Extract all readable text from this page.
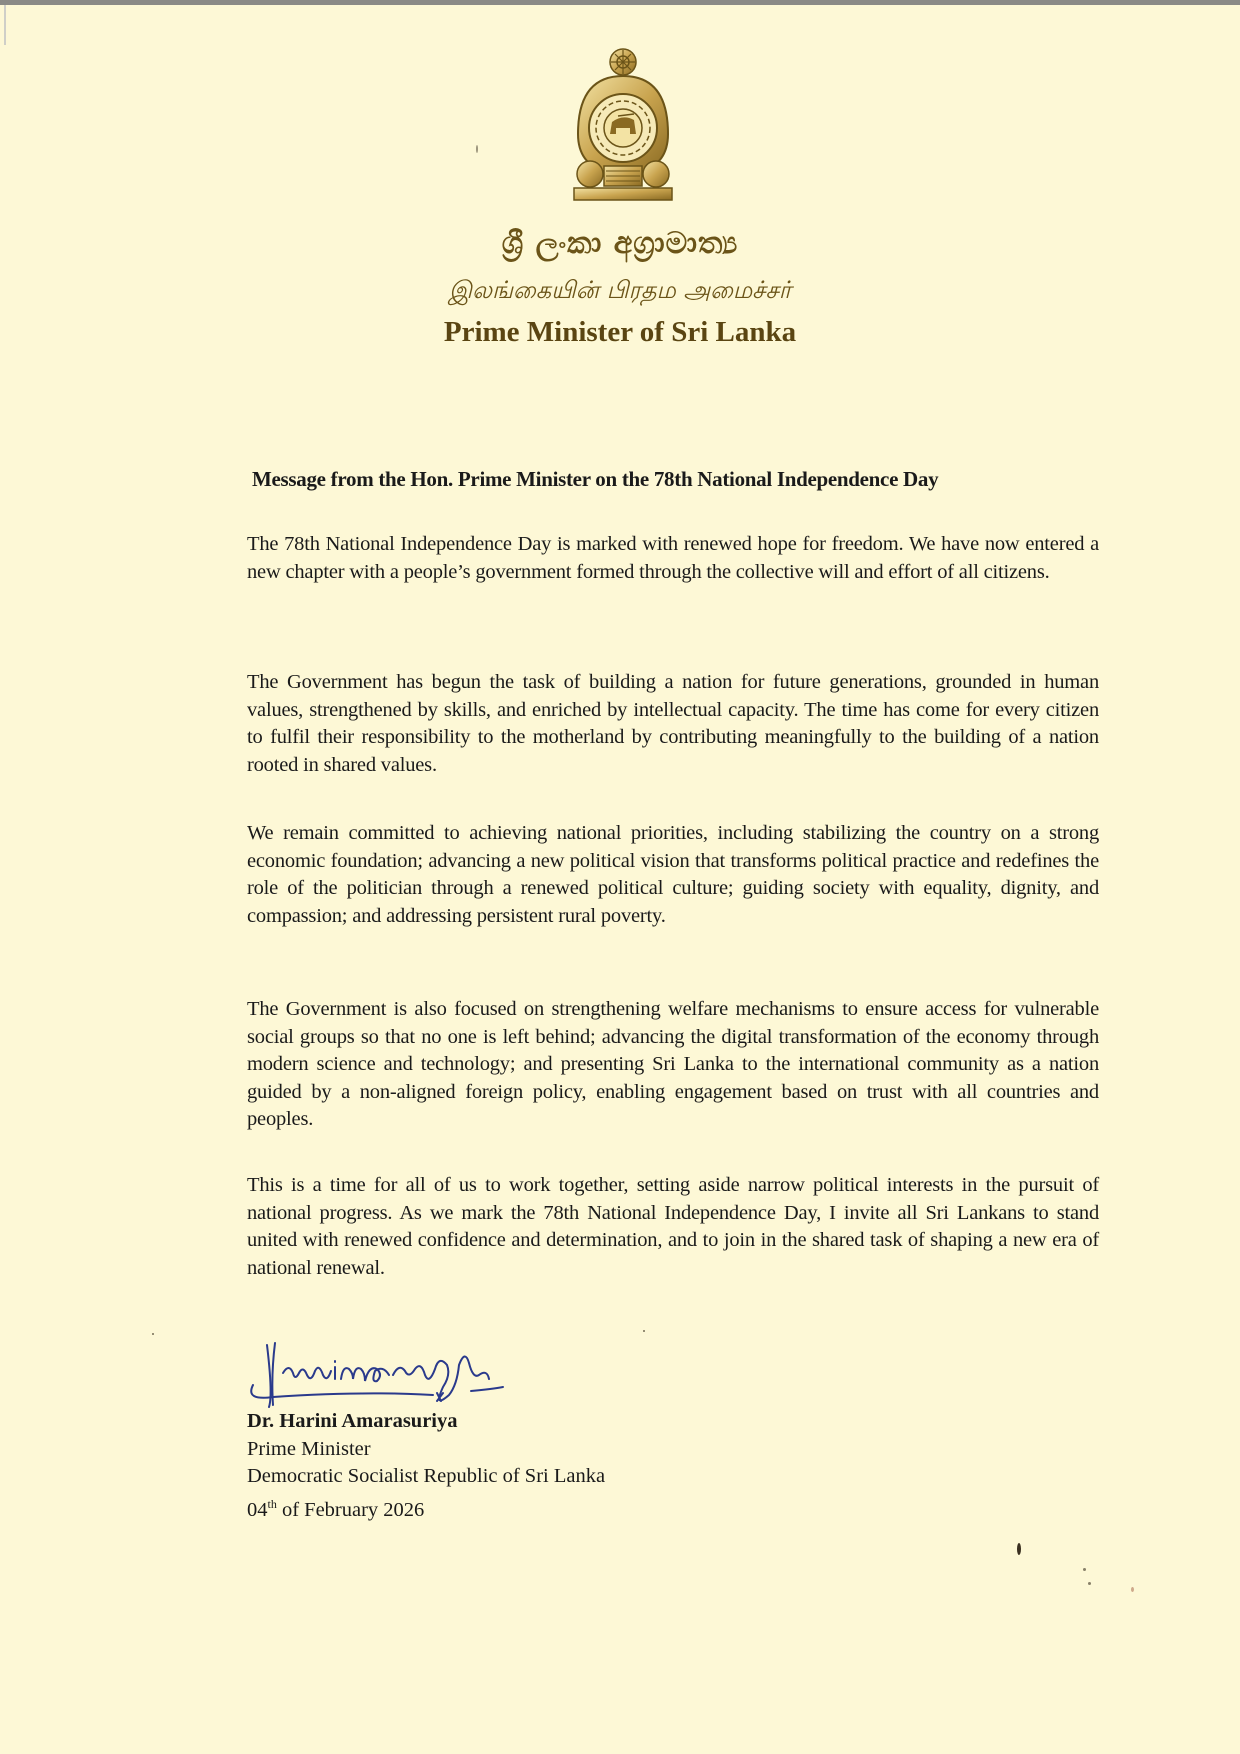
ශ්‍රී ලංකා අග්‍රාමාත්‍ය
இலங்கையின் பிரதம அமைச்சர்
Prime Minister of Sri Lanka
Message from the Hon. Prime Minister on the 78th National Independence Day

The 78th National Independence Day is marked with renewed hope for freedom. We have now entered a new chapter with a people’s government formed through the collective will and effort of all citizens.

The Government has begun the task of building a nation for future generations, grounded in human values, strengthened by skills, and enriched by intellectual capacity. The time has come for every citizen to fulfil their responsibility to the motherland by contributing meaningfully to the building of a nation rooted in shared values.

We remain committed to achieving national priorities, including stabilizing the country on a strong economic foundation; advancing a new political vision that transforms political practice and redefines the role of the politician through a renewed political culture; guiding society with equality, dignity, and compassion; and addressing persistent rural poverty.

The Government is also focused on strengthening welfare mechanisms to ensure access for vulnerable social groups so that no one is left behind; advancing the digital transformation of the economy through modern science and technology; and presenting Sri Lanka to the international community as a nation guided by a non-aligned foreign policy, enabling engagement based on trust with all countries and peoples.

This is a time for all of us to work together, setting aside narrow political interests in the pursuit of national progress. As we mark the 78th National Independence Day, I invite all Sri Lankans to stand united with renewed confidence and determination, and to join in the shared task of shaping a new era of national renewal.

Dr. Harini Amarasuriya
Prime Minister
Democratic Socialist Republic of Sri Lanka
04th of February 2026
